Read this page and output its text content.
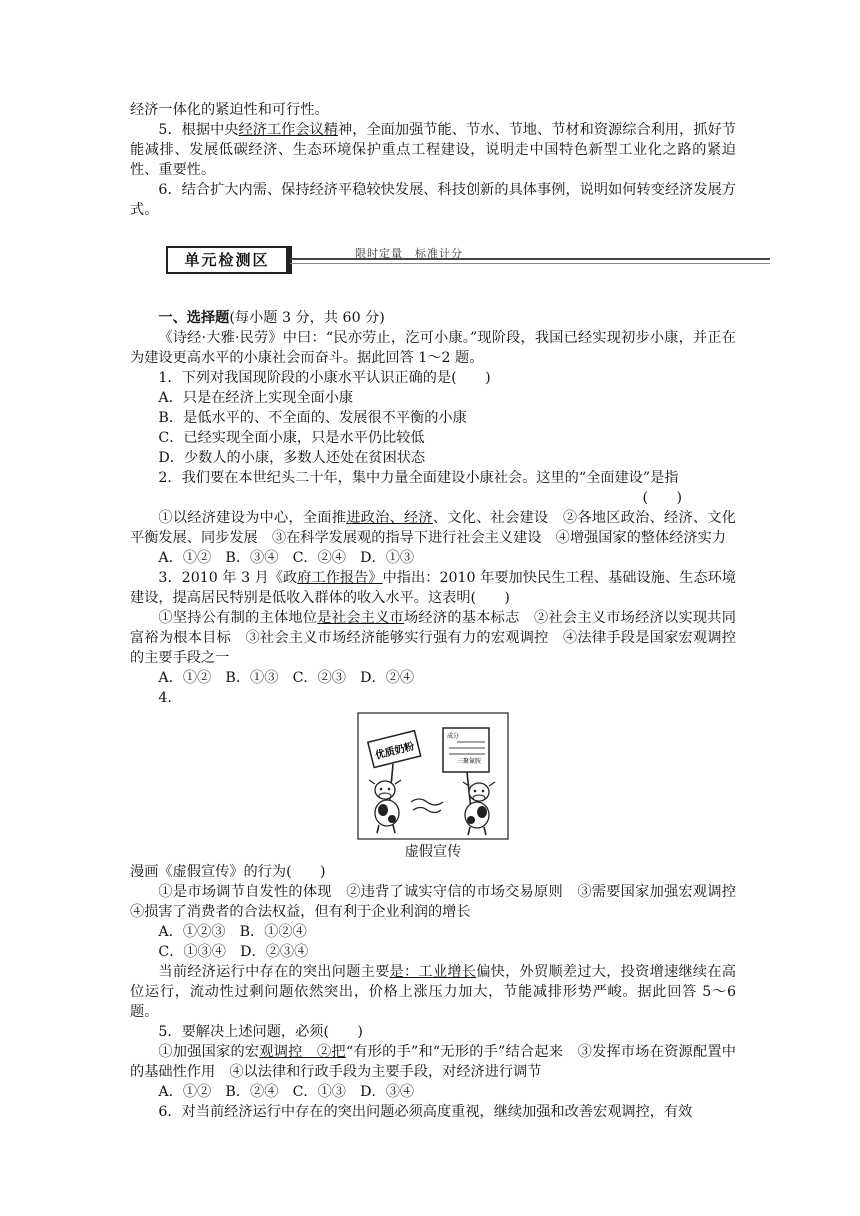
经济一体化的紧迫性和可行性。

5．根据中央经济工作会议精神，全面加强节能、节水、节地、节材和资源综合利用，抓好节能减排、发展低碳经济、生态环境保护重点工程建设，说明走中国特色新型工业化之路的紧迫性、重要性。

6．结合扩大内需、保持经济平稳较快发展、科技创新的具体事例，说明如何转变经济发展方式。

单元检测区	限时定量　标准计分

一、选择题(每小题 3 分，共 60 分)

《诗经·大雅·民劳》中曰：“民亦劳止，汔可小康。”现阶段，我国已经实现初步小康，并正在为建设更高水平的小康社会而奋斗。据此回答 1～2 题。

1．下列对我国现阶段的小康水平认识正确的是(　　)

A．只是在经济上实现全面小康

B．是低水平的、不全面的、发展很不平衡的小康

C．已经实现全面小康，只是水平仍比较低

D．少数人的小康，多数人还处在贫困状态

2．我们要在本世纪头二十年，集中力量全面建设小康社会。这里的“全面建设”是指

(　　)

①以经济建设为中心，全面推进政治、经济、文化、社会建设　②各地区政治、经济、文化平衡发展、同步发展　③在科学发展观的指导下进行社会主义建设　④增强国家的整体经济实力

A．①②　B．③④　C．②④　D．①③

3．2010 年 3 月《政府工作报告》中指出：2010 年要加快民生工程、基础设施、生态环境建设，提高居民特别是低收入群体的收入水平。这表明(　　)

①坚持公有制的主体地位是社会主义市场经济的基本标志　②社会主义市场经济以实现共同富裕为根本目标　③社会主义市场经济能够实行强有力的宏观调控　④法律手段是国家宏观调控的主要手段之一

A．①②　B．①③　C．②③　D．②④

4.

优质奶粉
成分
三聚氰胺
虚假宣传

漫画《虚假宣传》的行为(　　)

①是市场调节自发性的体现　②违背了诚实守信的市场交易原则　③需要国家加强宏观调控　④损害了消费者的合法权益，但有利于企业利润的增长

A．①②③　B．①②④

C．①③④　D．②③④

当前经济运行中存在的突出问题主要是：工业增长偏快，外贸顺差过大，投资增速继续在高位运行，流动性过剩问题依然突出，价格上涨压力加大，节能减排形势严峻。据此回答 5～6 题。

5．要解决上述问题，必须(　　)

①加强国家的宏观调控　②把“有形的手”和“无形的手”结合起来　③发挥市场在资源配置中的基础性作用　④以法律和行政手段为主要手段，对经济进行调节

A．①②　B．②④　C．①③　D．③④

6．对当前经济运行中存在的突出问题必须高度重视，继续加强和改善宏观调控，有效
